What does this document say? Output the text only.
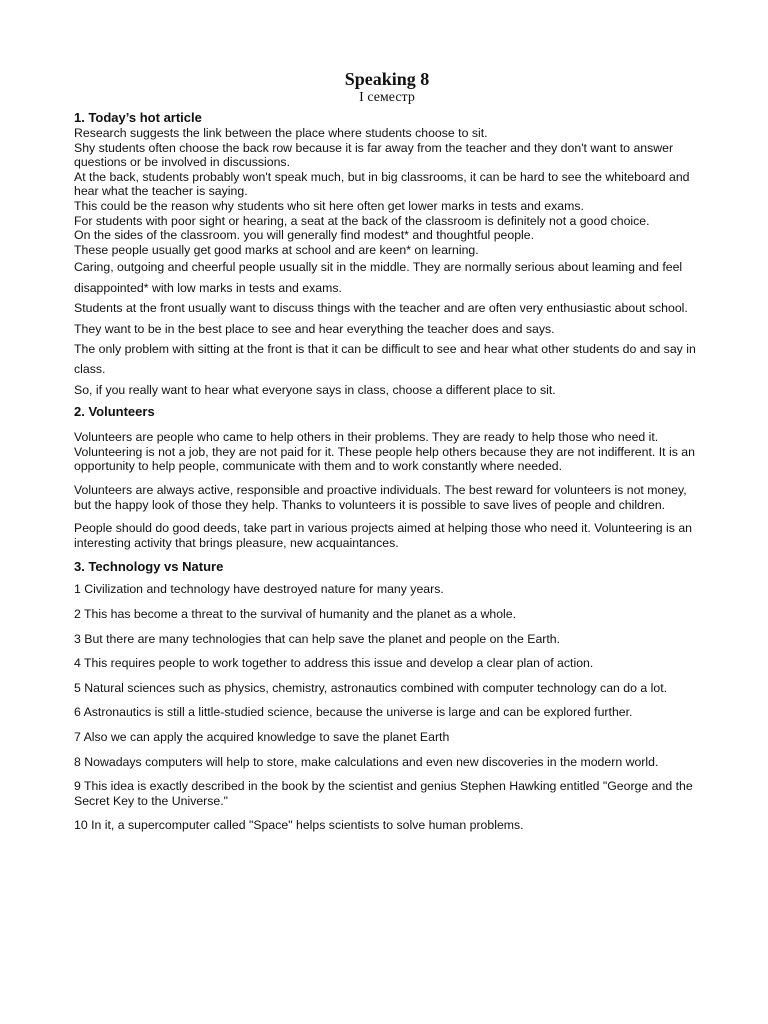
Speaking 8
I семестр
1. Today’s hot article

Research suggests the link between the place where students choose to sit.

Shy students often choose the back row because it is far away from the teacher and they don't want to answer questions or be involved in discussions.

At the back, students probably won't speak much, but in big classrooms, it can be hard to see the whiteboard and hear what the teacher is saying.

This could be the reason why students who sit here often get lower marks in tests and exams.

For students with poor sight or hearing, a seat at the back of the classroom is definitely not a good choice.

On the sides of the classroom. you will generally find modest* and thoughtful people.

These people usually get good marks at school and are keen* on learning.

Caring, outgoing and cheerful people usually sit in the middle. They are normally serious about leaming and feel disappointed* with low marks in tests and exams.

Students at the front usually want to discuss things with the teacher and are often very enthusiastic about school.

They want to be in the best place to see and hear everything the teacher does and says.

The only problem with sitting at the front is that it can be difficult to see and hear what other students do and say in class.

So, if you really want to hear what everyone says in class, choose a different place to sit.

2. Volunteers

Volunteers are people who came to help others in their problems. They are ready to help those who need it. Volunteering is not a job, they are not paid for it. These people help others because they are not indifferent. It is an opportunity to help people, communicate with them and to work constantly where needed.

Volunteers are always active, responsible and proactive individuals. The best reward for volunteers is not money, but the happy look of those they help. Thanks to volunteers it is possible to save lives of people and children.

People should do good deeds, take part in various projects aimed at helping those who need it. Volunteering is an interesting activity that brings pleasure, new acquaintances.

3. Technology vs Nature

1 Civilization and technology have destroyed nature for many years.

2 This has become a threat to the survival of humanity and the planet as a whole.

3 But there are many technologies that can help save the planet and people on the Earth.

4 This requires people to work together to address this issue and develop a clear plan of action.

5 Natural sciences such as physics, chemistry, astronautics combined with computer technology can do a lot.

6 Astronautics is still a little-studied science, because the universe is large and can be explored further.

7 Also we can apply the acquired knowledge to save the planet Earth

8 Nowadays computers will help to store, make calculations and even new discoveries in the modern world.

9 This idea is exactly described in the book by the scientist and genius Stephen Hawking entitled "George and the Secret Key to the Universe."

10 In it, a supercomputer called "Space" helps scientists to solve human problems.
